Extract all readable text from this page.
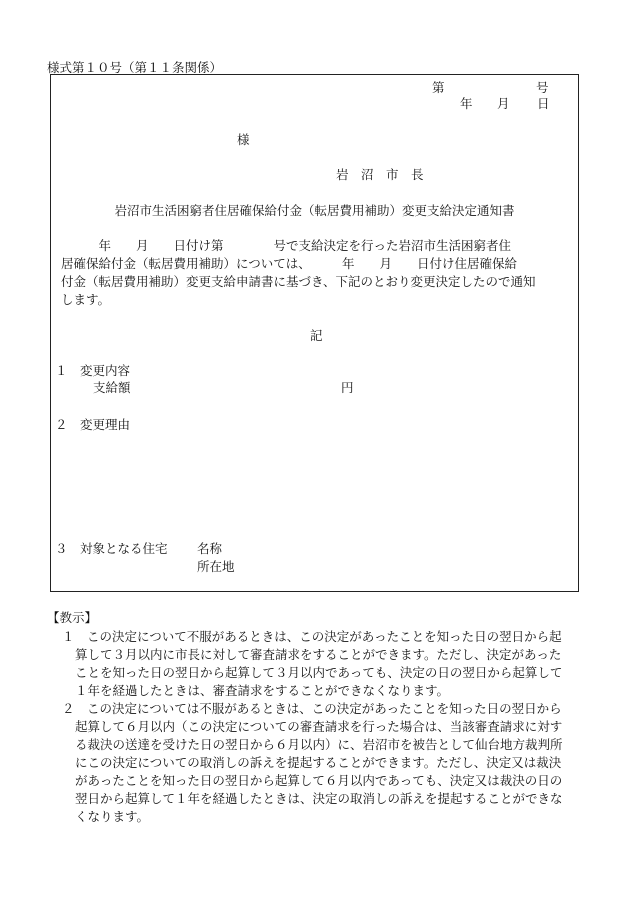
様式第１０号（第１１条関係）
第	号
年 月 日
様
岩　沼　市　長
岩沼市生活困窮者住居確保給付金（転居費用補助）変更支給決定通知書
　　　年　　月　　日付け第　　　　号で支給決定を行った岩沼市生活困窮者住
居確保給付金（転居費用補助）については、　　　年　　月　　日付け住居確保給
付金（転居費用補助）変更支給申請書に基づき、下記のとおり変更決定したので通知
します。
記
１　変更内容
支給額	円
２　変更理由
３　対象となる住宅 名称
所在地
【教示】
１　この決定について不服があるときは、この決定があったことを知った日の翌日から起
算して３月以内に市長に対して審査請求をすることができます。ただし、決定があった
ことを知った日の翌日から起算して３月以内であっても、決定の日の翌日から起算して
１年を経過したときは、審査請求をすることができなくなります。
２　この決定については不服があるときは、この決定があったことを知った日の翌日から
起算して６月以内（この決定についての審査請求を行った場合は、当該審査請求に対す
る裁決の送達を受けた日の翌日から６月以内）に、岩沼市を被告として仙台地方裁判所
にこの決定についての取消しの訴えを提起することができます。ただし、決定又は裁決
があったことを知った日の翌日から起算して６月以内であっても、決定又は裁決の日の
翌日から起算して１年を経過したときは、決定の取消しの訴えを提起することができな
くなります。
